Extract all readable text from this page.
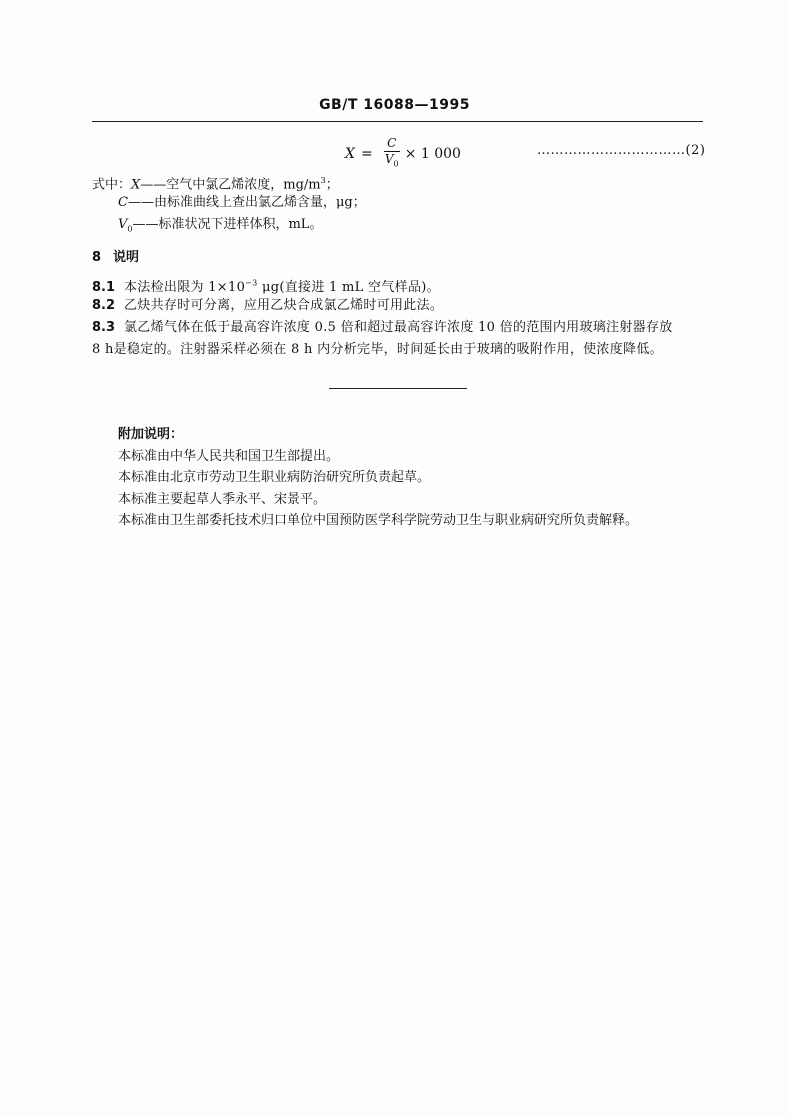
GB/T 16088—1995
$X = \frac{C}{V_0} \times 1$ 000	……………………………(2)
式中：X——空气中氯乙烯浓度，$mg/m^3$；
C——由标准曲线上查出氯乙烯含量，μg；
$V_0——$标准状况下进样体积，mL。
8 说明
8.1 本法检出限为 $1\times 10^{-3}$ μg(直接进 1 mL 空气样品)。
8.2 乙炔共存时可分离，应用乙炔合成氯乙烯时可用此法。
8.3 氯乙烯气体在低于最高容许浓度 0.5 倍和超过最高容许浓度 10 倍的范围内用玻璃注射器存放
8 h是稳定的。注射器采样必须在 8 h 内分析完毕，时间延长由于玻璃的吸附作用，使浓度降低。
附加说明：
本标准由中华人民共和国卫生部提出。
本标准由北京市劳动卫生职业病防治研究所负责起草。
本标准主要起草人季永平、宋景平。
本标准由卫生部委托技术归口单位中国预防医学科学院劳动卫生与职业病研究所负责解释。
